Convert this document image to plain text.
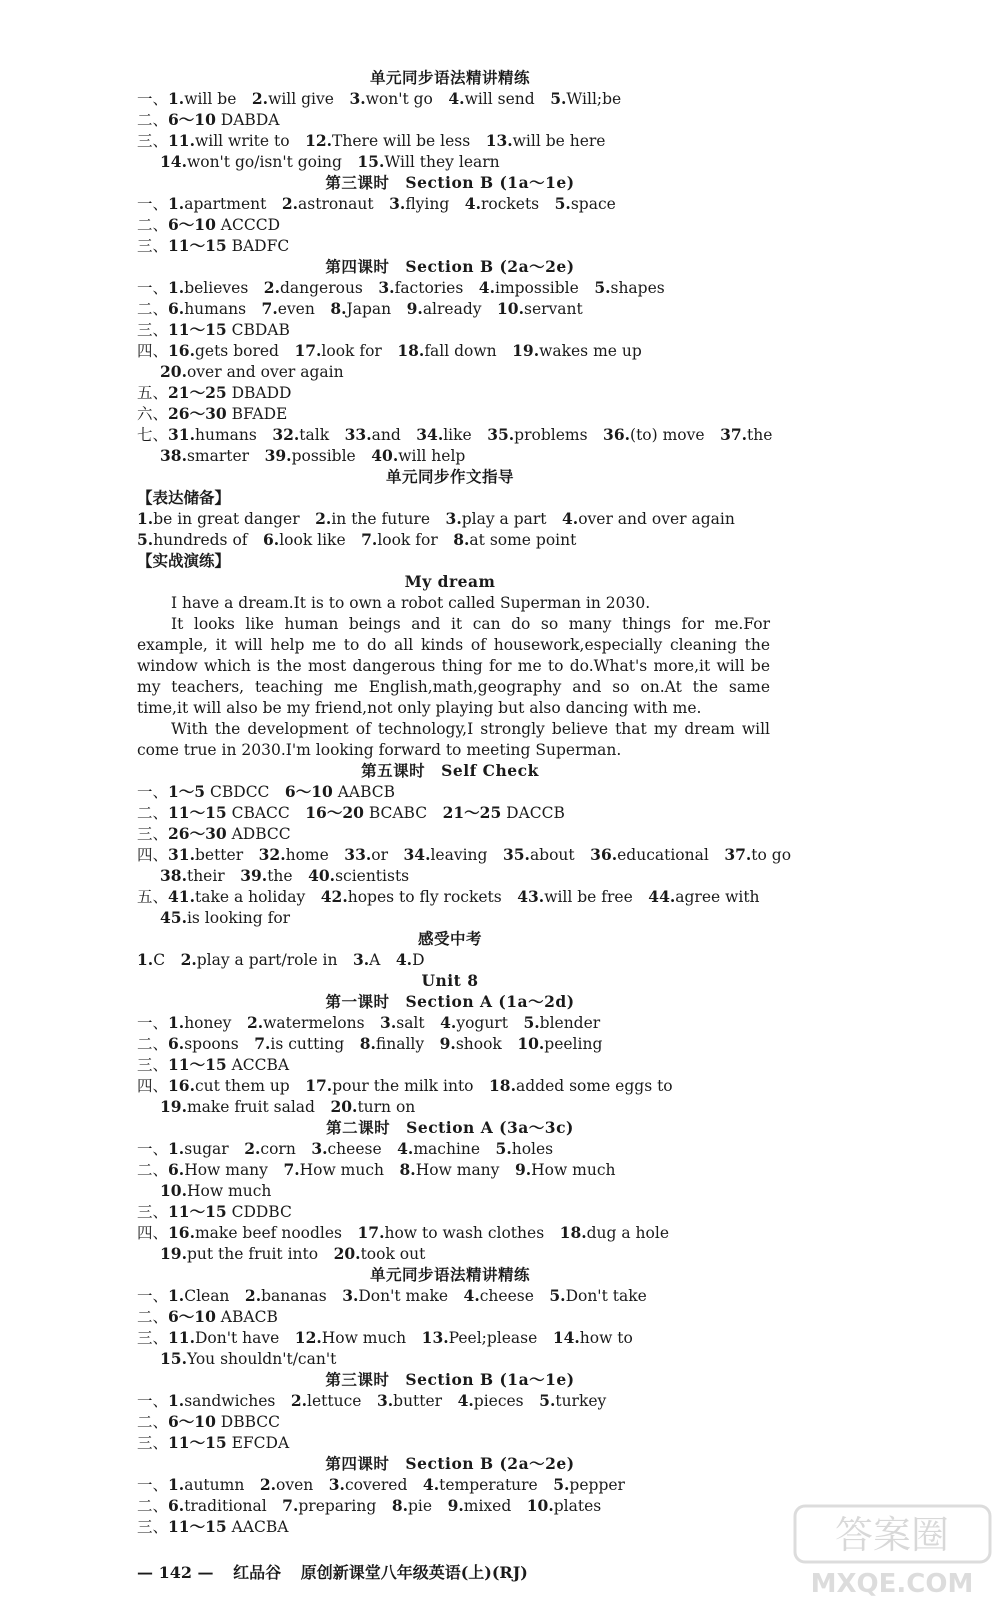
单元同步语法精讲精练
一、1.will be  2.will give  3.won't go  4.will send  5.Will;be
二、6～10 DABDA
三、11.will write to  12.There will be less  13.will be here
14.won't go/isn't going  15.Will they learn
第三课时　Section B (1a～1e)
一、1.apartment  2.astronaut  3.flying  4.rockets  5.space
二、6～10 ACCCD
三、11～15 BADFC
第四课时　Section B (2a～2e)
一、1.believes  2.dangerous  3.factories  4.impossible  5.shapes
二、6.humans  7.even  8.Japan  9.already  10.servant
三、11～15 CBDAB
四、16.gets bored  17.look for  18.fall down  19.wakes me up
20.over and over again
五、21～25 DBADD
六、26～30 BFADE
七、31.humans  32.talk  33.and  34.like  35.problems  36.(to) move  37.the
38.smarter  39.possible  40.will help
单元同步作文指导
【表达储备】
1.be in great danger  2.in the future  3.play a part  4.over and over again
5.hundreds of  6.look like  7.look for  8.at some point
【实战演练】
My dream
I have a dream.It is to own a robot called Superman in 2030.
It looks like human beings and it can do so many things for me.For example, it will help me to do all kinds of housework,especially cleaning the window which is the most dangerous thing for me to do.What's more,it will be my teachers, teaching me English,math,geography and so on.At the same time,it will also be my friend,not only playing but also dancing with me.
With the development of technology,I strongly believe that my dream will come true in 2030.I'm looking forward to meeting Superman.
第五课时　Self Check
一、1～5 CBDCC  6～10 AABCB
二、11～15 CBACC  16～20 BCABC  21～25 DACCB
三、26～30 ADBCC
四、31.better  32.home  33.or  34.leaving  35.about  36.educational  37.to go
38.their  39.the  40.scientists
五、41.take a holiday  42.hopes to fly rockets  43.will be free  44.agree with
45.is looking for
感受中考
1.C  2.play a part/role in  3.A  4.D
Unit 8
第一课时　Section A (1a～2d)
一、1.honey  2.watermelons  3.salt  4.yogurt  5.blender
二、6.spoons  7.is cutting  8.finally  9.shook  10.peeling
三、11～15 ACCBA
四、16.cut them up  17.pour the milk into  18.added some eggs to
19.make fruit salad  20.turn on
第二课时　Section A (3a～3c)
一、1.sugar  2.corn  3.cheese  4.machine  5.holes
二、6.How many  7.How much  8.How many  9.How much
10.How much
三、11～15 CDDBC
四、16.make beef noodles  17.how to wash clothes  18.dug a hole
19.put the fruit into  20.took out
单元同步语法精讲精练
一、1.Clean  2.bananas  3.Don't make  4.cheese  5.Don't take
二、6～10 ABACB
三、11.Don't have  12.How much  13.Peel;please  14.how to
15.You shouldn't/can't
第三课时　Section B (1a～1e)
一、1.sandwiches  2.lettuce  3.butter  4.pieces  5.turkey
二、6～10 DBBCC
三、11～15 EFCDA
第四课时　Section B (2a～2e)
一、1.autumn  2.oven  3.covered  4.temperature  5.pepper
二、6.traditional  7.preparing  8.pie  9.mixed  10.plates
三、11～15 AACBA
— 142 — 红品谷 原创新课堂八年级英语(上)(RJ)
答案圈
MXQE.COM
